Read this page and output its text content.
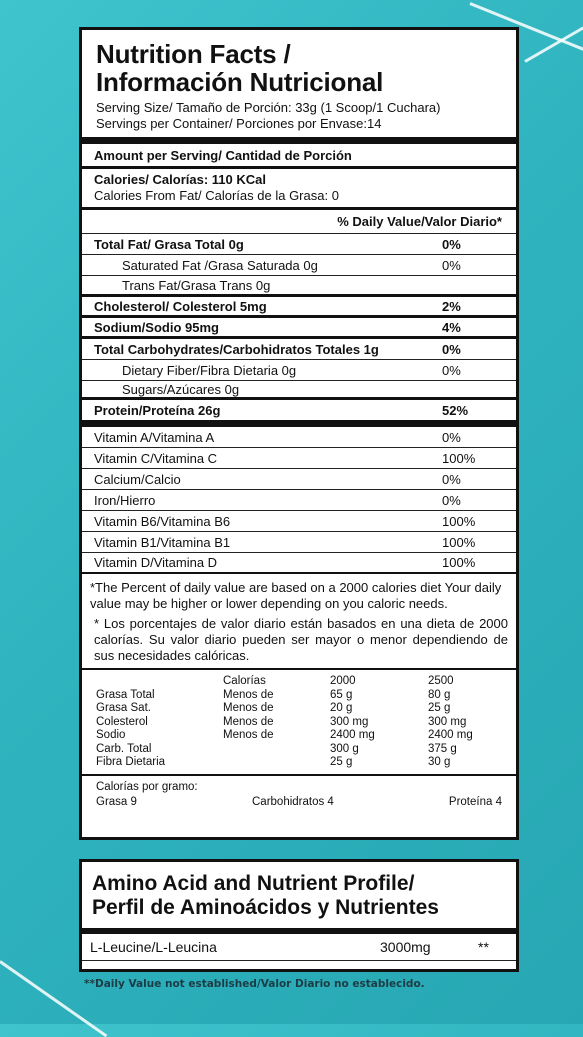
Nutrition Facts /
Información Nutricional
Serving Size/ Tamaño de Porción: 33g (1 Scoop/1 Cuchara)
Servings per Container/ Porciones por Envase:14
Amount per Serving/ Cantidad de Porción
Calories/ Calorías: 110 KCal
Calories From Fat/ Calorías de la Grasa: 0
% Daily Value/Valor Diario*
Total Fat/ Grasa Total 0g	0%
Saturated Fat /Grasa Saturada 0g	0%
Trans Fat/Grasa Trans 0g
Cholesterol/ Colesterol 5mg	2%
Sodium/Sodio 95mg	4%
Total Carbohydrates/Carbohidratos Totales 1g	0%
Dietary Fiber/Fibra Dietaria 0g	0%
Sugars/Azúcares 0g
Protein/Proteína 26g	52%
Vitamin A/Vitamina A	0%
Vitamin C/Vitamina C	100%
Calcium/Calcio	0%
Iron/Hierro	0%
Vitamin B6/Vitamina B6	100%
Vitamin B1/Vitamina B1	100%
Vitamin D/Vitamina D	100%

*The Percent of daily value are based on a 2000 calories diet Your daily value may be higher or lower depending on you caloric needs.

* Los porcentajes de valor diario están basados en una dieta de 2000 calorías. Su valor diario pueden ser mayor o menor dependiendo de sus necesidades calóricas.

	Calorías	2000	2500
Grasa Total	Menos de	65 g	80 g
Grasa Sat.	Menos de	20 g	25 g
Colesterol	Menos de	300 mg	300 mg
Sodio	Menos de	2400 mg	2400 mg
Carb. Total		300 g	375 g
Fibra Dietaria		25 g	30 g
Calorías por gramo:
Grasa 9	Carbohidratos 4	Proteína 4
Amino Acid and Nutrient Profile/
Perfil de Aminoácidos y Nutrientes
L-Leucine/L-Leucina	3000mg	**
**Daily Value not established/Valor Diario no establecido.
